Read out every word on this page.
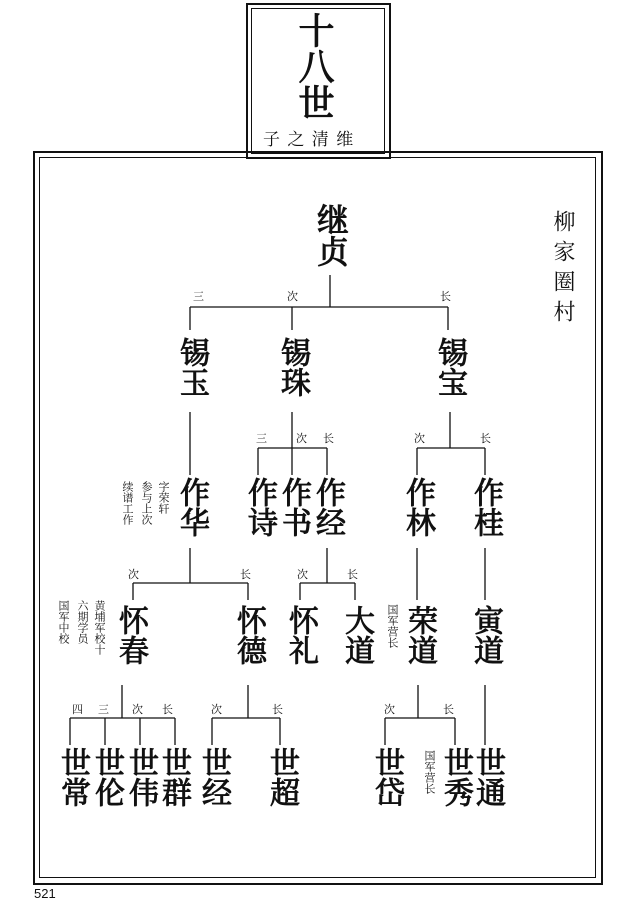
十八世
子 之 清 维
柳家圈村
继贞
三	次	长
锡玉 锡珠	锡宝
三	次 长	次	长
作华 作诗 作书 作经 作林 作桂
字荣轩
参与上次
续谱工作
次	长	次	长
怀春	怀德 怀礼 大道 荣道 寅道
黄埔军校十
六期学员
国军中校	国军营长
四 三 次 长	次	长	次	长
世常 世伦 世伟
世群 世经 世超 世岱 世秀
世通
国军营长
521
